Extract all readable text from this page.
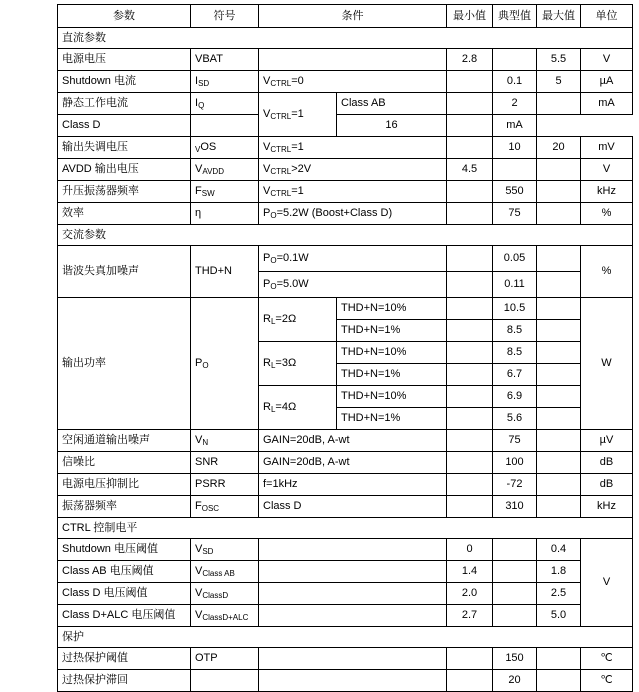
参数	符号	条件		最小值	典型值	最大值	单位
直流参数							
电源电压	VBAT			2.8		5.5	V
Shutdown 电流	$I_{SD}$	$V_{CTRL}=0$			0.1	5	µA
静态工作电流	$I_Q$	$V_{CTRL}=1$	Class AB		2		mA
Class D			16		mA		
输出失调电压	$_V$OS	$V_{CTRL}=1$			10	20	mV
AVDD 输出电压	$V_{AVDD}$	$V_{CTRL}>2V$		4.5			V
升压振荡器频率	$F_{SW}$	$V_{CTRL}=1$			550		kHz
效率	η	$P_O=5.2W$ (Boost+Class D)			75		%
交流参数							
谐波失真加噪声	THD+N	$P_O=0.1W$			0.05		%
		$P_O=5.0W$			0.11		
输出功率	$P_O$	$R_L=2\Omega$	THD+N=10%		10.5		W
			THD+N=1%		8.5		
		$R_L=3\Omega$	THD+N=10%		8.5		
			THD+N=1%		6.7		
		$R_L=4\Omega$	THD+N=10%		6.9		
			THD+N=1%		5.6		
空闲通道输出噪声	$V_N$	GAIN=20dB, A-wt			75		µV
信噪比	SNR	GAIN=20dB, A-wt			100		dB
电源电压抑制比	PSRR	f=1kHz			-72		dB
振荡器频率	$F_{OSC}$	Class D			310		kHz
CTRL 控制电平							
Shutdown 电压阈值	$V_{SD}$			0		0.4	V
Class AB 电压阈值	$V_{Class AB}$			1.4		1.8	
Class D 电压阈值	$V_{ClassD}$			2.0		2.5	
Class D+ALC 电压阈值	$V_{ClassD+ALC}$			2.7		5.0	
保护							
过热保护阈值	OTP				150		℃
过热保护滞回					20		℃
